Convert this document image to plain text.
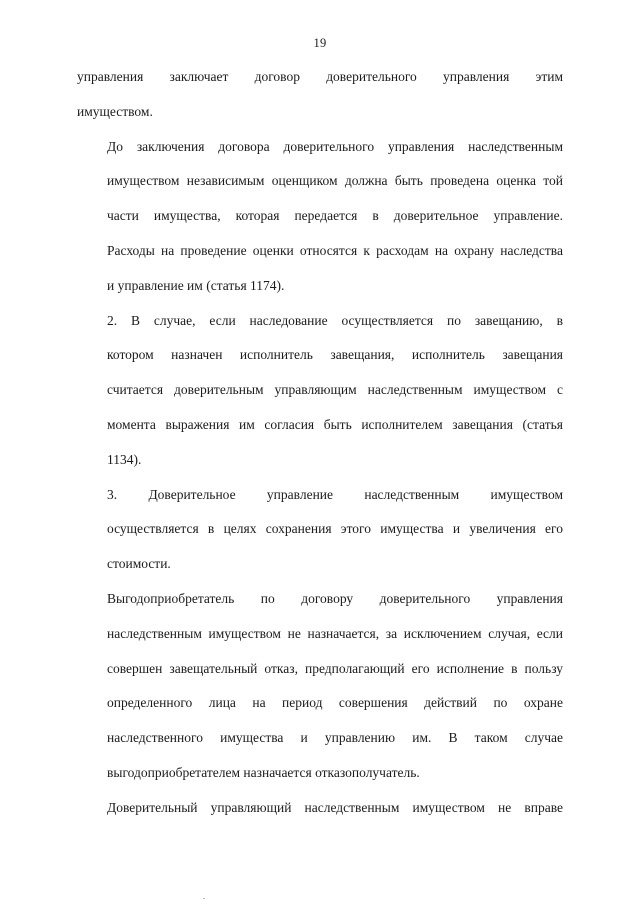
19
управления заключает договор доверительного управления этим
имуществом.
До заключения договора доверительного управления наследственным
имуществом независимым оценщиком должна быть проведена оценка той
части имущества, которая передается в доверительное управление.
Расходы на проведение оценки относятся к расходам на охрану наследства
и управление им (статья 1174).
2. В случае, если наследование осуществляется по завещанию, в
котором назначен исполнитель завещания, исполнитель завещания
считается доверительным управляющим наследственным имуществом с
момента выражения им согласия быть исполнителем завещания (статья
1134).
3. Доверительное управление наследственным имуществом
осуществляется в целях сохранения этого имущества и увеличения его
стоимости.
Выгодоприобретатель по договору доверительного управления
наследственным имуществом не назначается, за исключением случая, если
совершен завещательный отказ, предполагающий его исполнение в пользу
определенного лица на период совершения действий по охране
наследственного имущества и управлению им. В таком случае
выгодоприобретателем назначается отказополучатель.
Доверительный управляющий наследственным имуществом не вправе
